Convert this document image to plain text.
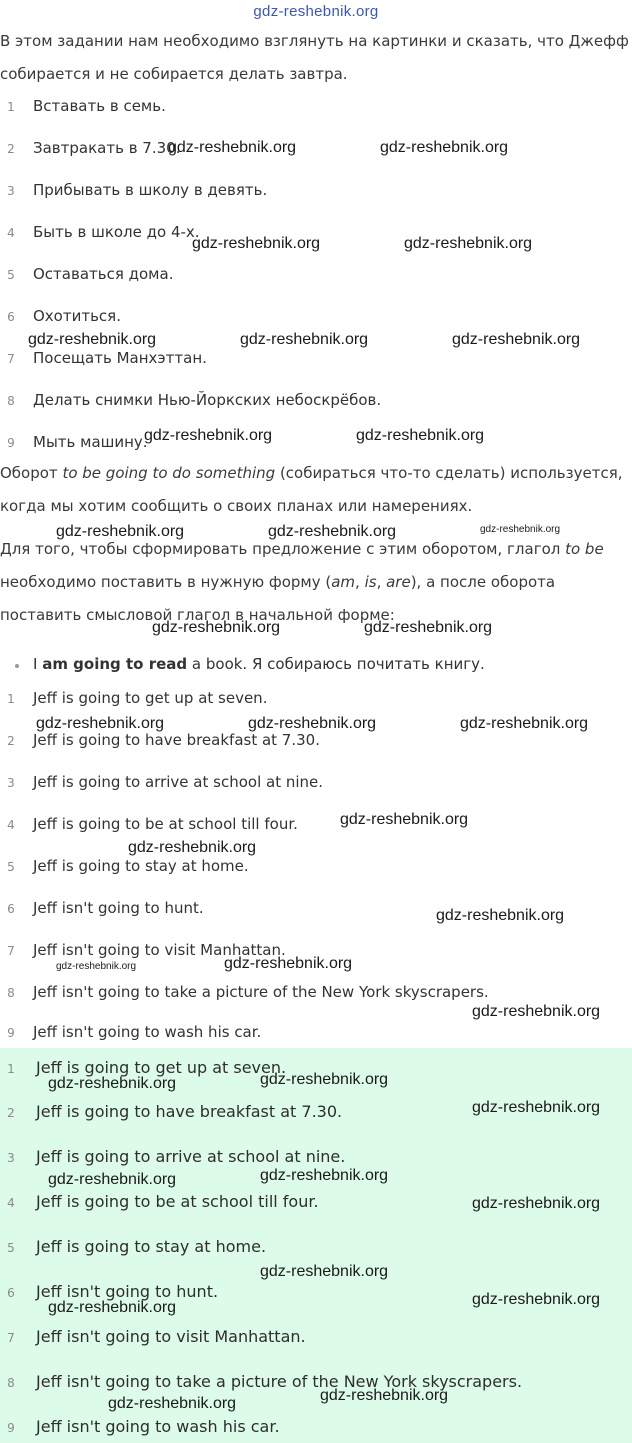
gdz-reshebnik.org
В этом задании нам необходимо взглянуть на картинки и сказать, что Джефф
собирается и не собирается делать завтра.
1	Вставать в семь.
2	Завтракать в 7.30.
3	Прибывать в школу в девять.
4	Быть в школе до 4-х.
5	Оставаться дома.
6	Охотиться.
7	Посещать Манхэттан.
8	Делать снимки Нью-Йоркских небоскрёбов.
9	Мыть машину.
Оборот to be going to do something (собираться что-то сделать) используется,
когда мы хотим сообщить о своих планах или намерениях.
Для того, чтобы сформировать предложение с этим оборотом, глагол to be
необходимо поставить в нужную форму (am, is, are), а после оборота
поставить смысловой глагол в начальной форме:
I am going to read a book. Я собираюсь почитать книгу.
1	Jeff is going to get up at seven.
2	Jeff is going to have breakfast at 7.30.
3	Jeff is going to arrive at school at nine.
4	Jeff is going to be at school till four.
5	Jeff is going to stay at home.
6	Jeff isn't going to hunt.
7	Jeff isn't going to visit Manhattan.
8	Jeff isn't going to take a picture of the New York skyscrapers.
9	Jeff isn't going to wash his car.
1	Jeff is going to get up at seven.
2	Jeff is going to have breakfast at 7.30.
3	Jeff is going to arrive at school at nine.
4	Jeff is going to be at school till four.
5	Jeff is going to stay at home.
6	Jeff isn't going to hunt.
7	Jeff isn't going to visit Manhattan.
8	Jeff isn't going to take a picture of the New York skyscrapers.
9	Jeff isn't going to wash his car.
gdz-reshebnik.org	gdz-reshebnik.org
gdz-reshebnik.org	gdz-reshebnik.org
gdz-reshebnik.org	gdz-reshebnik.org	gdz-reshebnik.org
gdz-reshebnik.org	gdz-reshebnik.org
gdz-reshebnik.org	gdz-reshebnik.org	gdz-reshebnik.org
gdz-reshebnik.org	gdz-reshebnik.org
gdz-reshebnik.org	gdz-reshebnik.org	gdz-reshebnik.org
gdz-reshebnik.org
gdz-reshebnik.org
gdz-reshebnik.org
gdz-reshebnik.org	gdz-reshebnik.org
gdz-reshebnik.org
gdz-reshebnik.org	gdz-reshebnik.org
gdz-reshebnik.org
gdz-reshebnik.org	gdz-reshebnik.org
gdz-reshebnik.org
gdz-reshebnik.org
gdz-reshebnik.org
gdz-reshebnik.org
gdz-reshebnik.org
gdz-reshebnik.org
